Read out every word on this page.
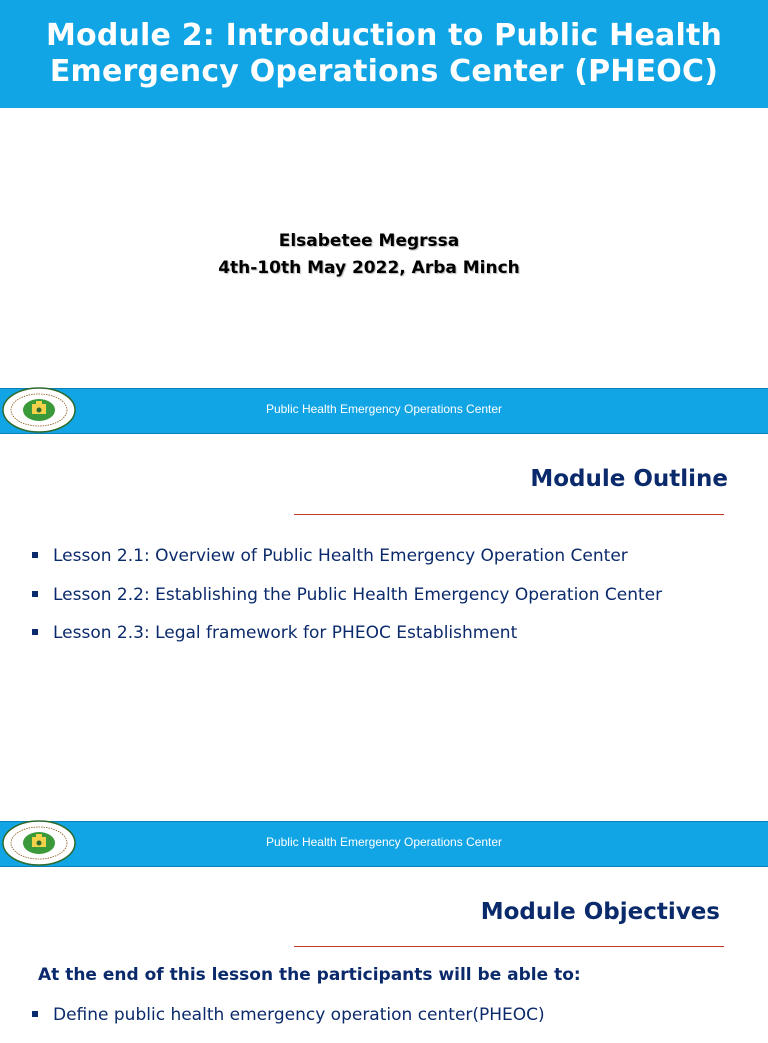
Module 2: Introduction to Public Health
Emergency Operations Center (PHEOC)
Elsabetee Megrssa
4th-10th May 2022, Arba Minch
Public Health Emergency Operations Center
Module Outline
Lesson 2.1: Overview of Public Health Emergency Operation Center
Lesson 2.2: Establishing the Public Health Emergency Operation Center
Lesson 2.3: Legal framework for PHEOC Establishment
Public Health Emergency Operations Center
Module Objectives
At the end of this lesson the participants will be able to:
Define public health emergency operation center(PHEOC)
